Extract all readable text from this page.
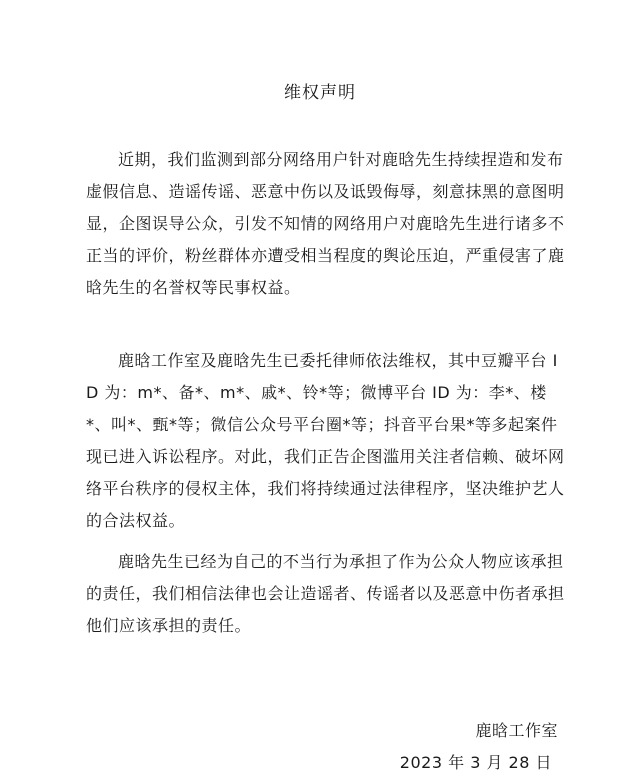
维权声明

近期，我们监测到部分网络用户针对鹿晗先生持续捏造和发布虚假信息、造谣传谣、恶意中伤以及诋毁侮辱，刻意抹黑的意图明显，企图误导公众，引发不知情的网络用户对鹿晗先生进行诸多不正当的评价，粉丝群体亦遭受相当程度的舆论压迫，严重侵害了鹿晗先生的名誉权等民事权益。

鹿晗工作室及鹿晗先生已委托律师依法维权，其中豆瓣平台 ID 为：m*、备*、m*、戚*、铃*等；微博平台 ID 为：李*、楼*、叫*、甄*等；微信公众号平台圈*等；抖音平台果*等多起案件现已进入诉讼程序。对此，我们正告企图滥用关注者信赖、破坏网络平台秩序的侵权主体，我们将持续通过法律程序，坚决维护艺人的合法权益。

鹿晗先生已经为自己的不当行为承担了作为公众人物应该承担的责任，我们相信法律也会让造谣者、传谣者以及恶意中伤者承担他们应该承担的责任。

鹿晗工作室
2023 年 3 月 28 日
